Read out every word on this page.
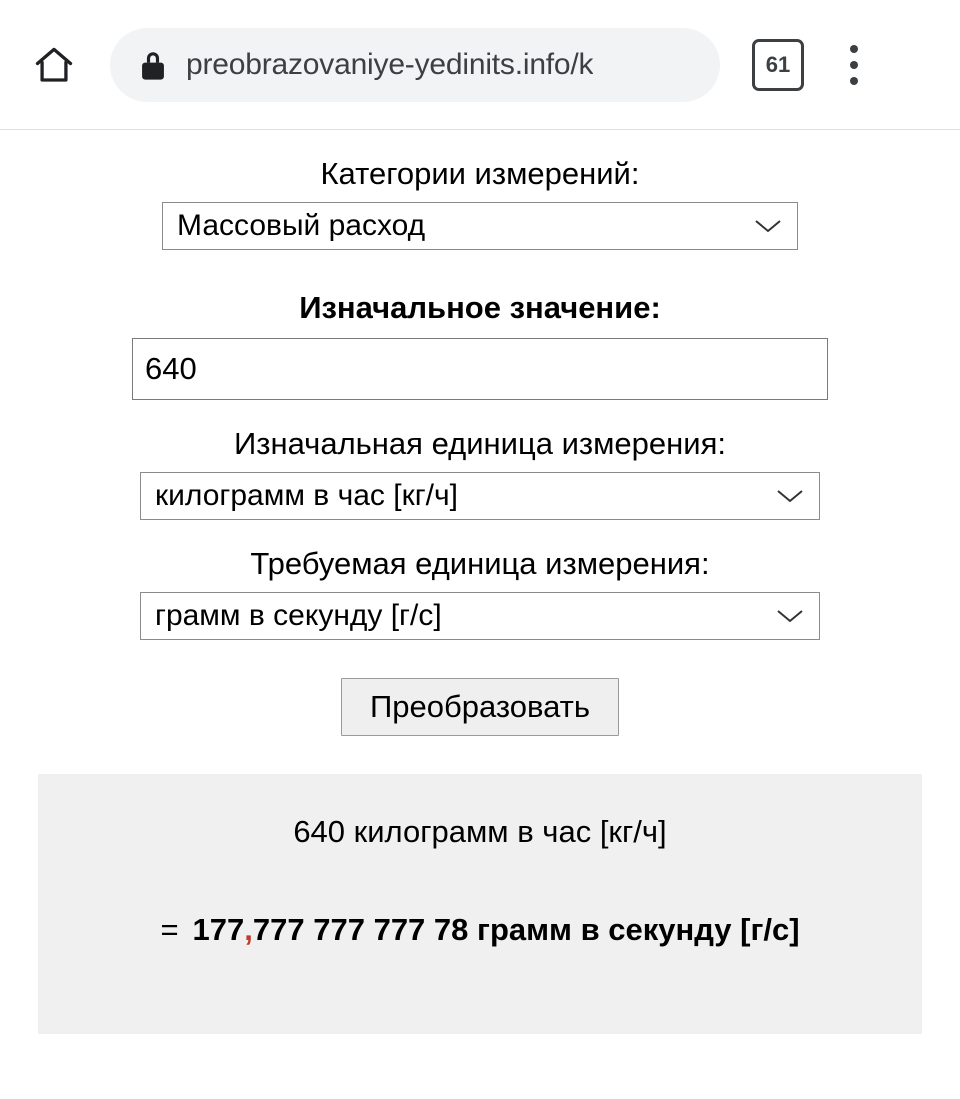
preobrazovaniye-yedinits.info/k	61
Категории измерений:
Массовый расход
Изначальное значение:
640
Изначальная единица измерения:
килограмм в час [кг/ч]
Требуемая единица измерения:
грамм в секунду [г/с]
Преобразовать
640 килограмм в час [кг/ч]
= 177,777 777 777 78 грамм в секунду [г/с]
